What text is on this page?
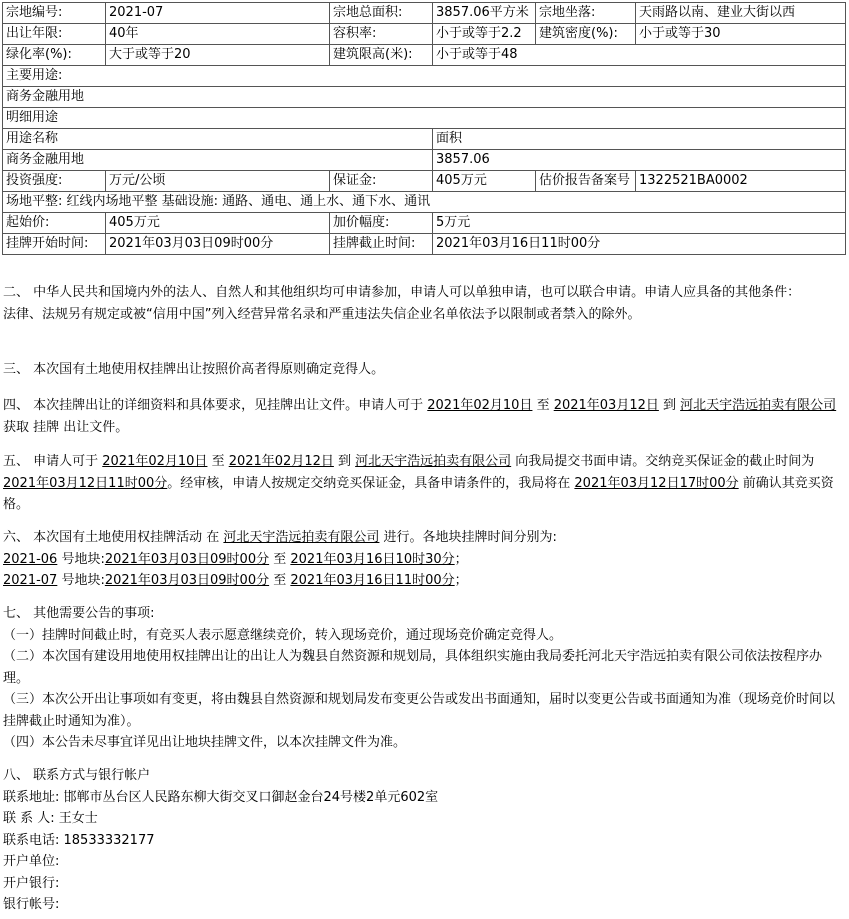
宗地编号:	2021-07	宗地总面积:	3857.06平方米	宗地坐落:	天雨路以南、建业大街以西
出让年限:	40年	容积率:	小于或等于2.2	建筑密度(%):	小于或等于30
绿化率(%):	大于或等于20	建筑限高(米):	小于或等于48		
主要用途:					
商务金融用地					
明细用途					
用途名称			面积		
商务金融用地			3857.06		
投资强度:	万元/公顷	保证金:	405万元	估价报告备案号	1322521BA0002
场地平整: 红线内场地平整 基础设施: 通路、通电、通上水、通下水、通讯					
起始价:	405万元	加价幅度:	5万元		
挂牌开始时间:	2021年03月03日09时00分	挂牌截止时间:	2021年03月16日11时00分		

二、 中华人民共和国境内外的法人、自然人和其他组织均可申请参加，申请人可以单独申请，也可以联合申请。申请人应具备的其他条件：

法律、法规另有规定或被“信用中国”列入经营异常名录和严重违法失信企业名单依法予以限制或者禁入的除外。

三、 本次国有土地使用权挂牌出让按照价高者得原则确定竞得人。

四、 本次挂牌出让的详细资料和具体要求，见挂牌出让文件。申请人可于 2021年02月10日 至 2021年03月12日 到 河北天宇浩远拍卖有限公司 获取 挂牌 出让文件。

五、 申请人可于 2021年02月10日 至 2021年02月12日 到 河北天宇浩远拍卖有限公司 向我局提交书面申请。交纳竞买保证金的截止时间为2021年03月12日11时00分。经审核，申请人按规定交纳竞买保证金，具备申请条件的，我局将在 2021年03月12日17时00分 前确认其竞买资格。

六、 本次国有土地使用权挂牌活动 在 河北天宇浩远拍卖有限公司 进行。各地块挂牌时间分别为:

2021-06 号地块:2021年03月03日09时00分 至 2021年03月16日10时30分；

2021-07 号地块:2021年03月03日09时00分 至 2021年03月16日11时00分；

七、 其他需要公告的事项:

（一）挂牌时间截止时，有竞买人表示愿意继续竞价，转入现场竞价，通过现场竞价确定竞得人。

（二）本次国有建设用地使用权挂牌出让的出让人为魏县自然资源和规划局，具体组织实施由我局委托河北天宇浩远拍卖有限公司依法按程序办理。

（三）本次公开出让事项如有变更，将由魏县自然资源和规划局发布变更公告或发出书面通知，届时以变更公告或书面通知为准（现场竞价时间以挂牌截止时通知为准）。

（四）本公告未尽事宜详见出让地块挂牌文件，以本次挂牌文件为准。

八、 联系方式与银行帐户

联系地址: 邯郸市丛台区人民路东柳大街交叉口御赵金台24号楼2单元602室

联 系 人: 王女士

联系电话: 18533332177

开户单位:

开户银行:

银行帐号:
